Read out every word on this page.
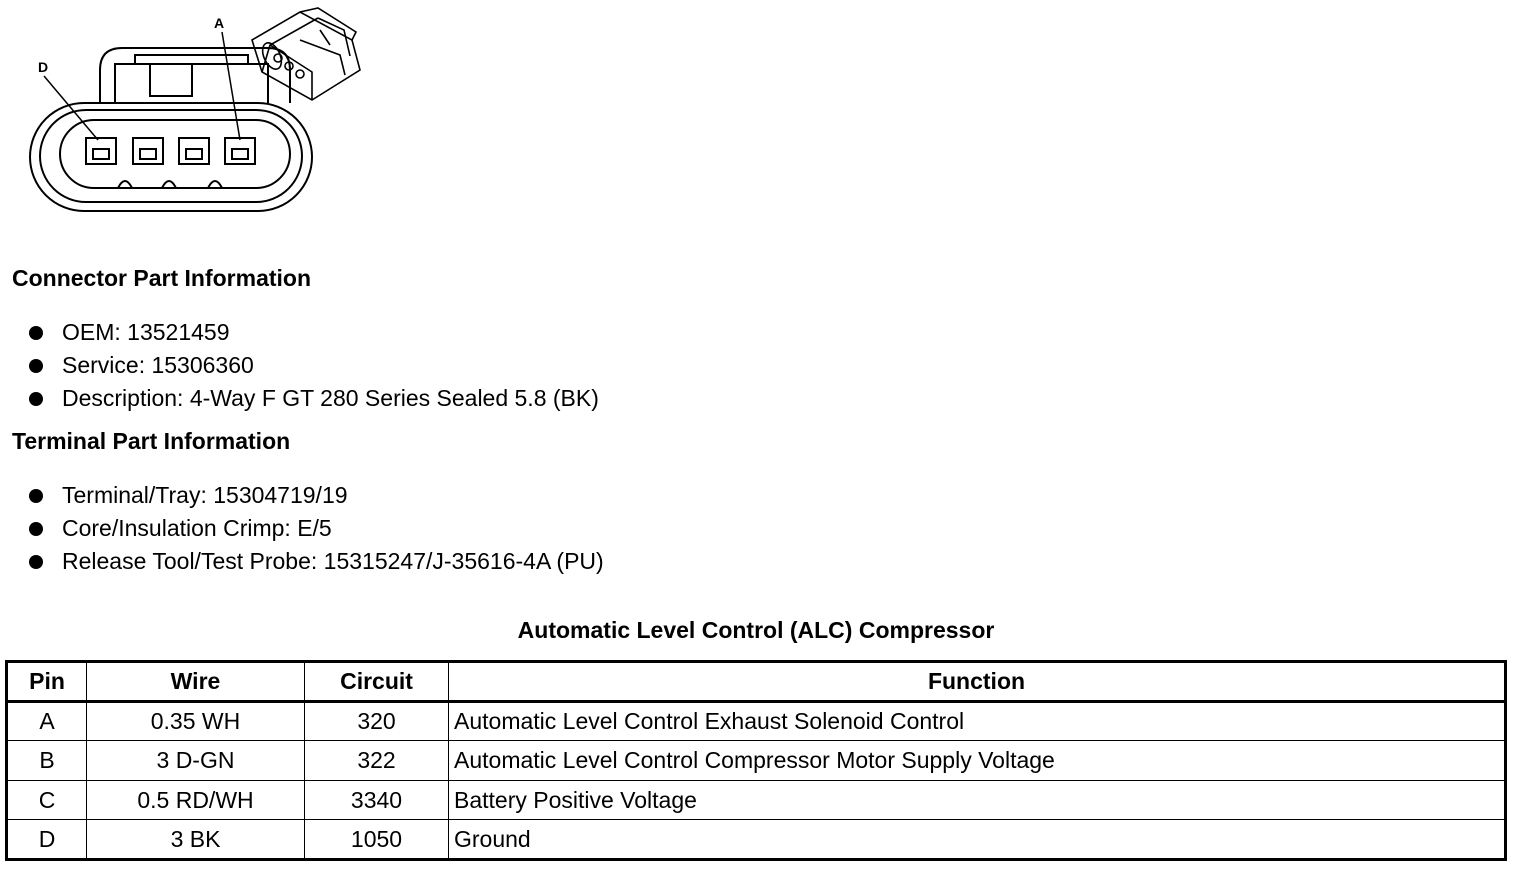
D
A
Connector Part Information
OEM: 13521459
Service: 15306360
Description: 4-Way F GT 280 Series Sealed 5.8 (BK)
Terminal Part Information
Terminal/Tray: 15304719/19
Core/Insulation Crimp: E/5
Release Tool/Test Probe: 15315247/J-35616-4A (PU)
Automatic Level Control (ALC) Compressor
Pin	Wire	Circuit	Function
A	0.35 WH	320	Automatic Level Control Exhaust Solenoid Control
B	3 D-GN	322	Automatic Level Control Compressor Motor Supply Voltage
C	0.5 RD/WH	3340	Battery Positive Voltage
D	3 BK	1050	Ground
